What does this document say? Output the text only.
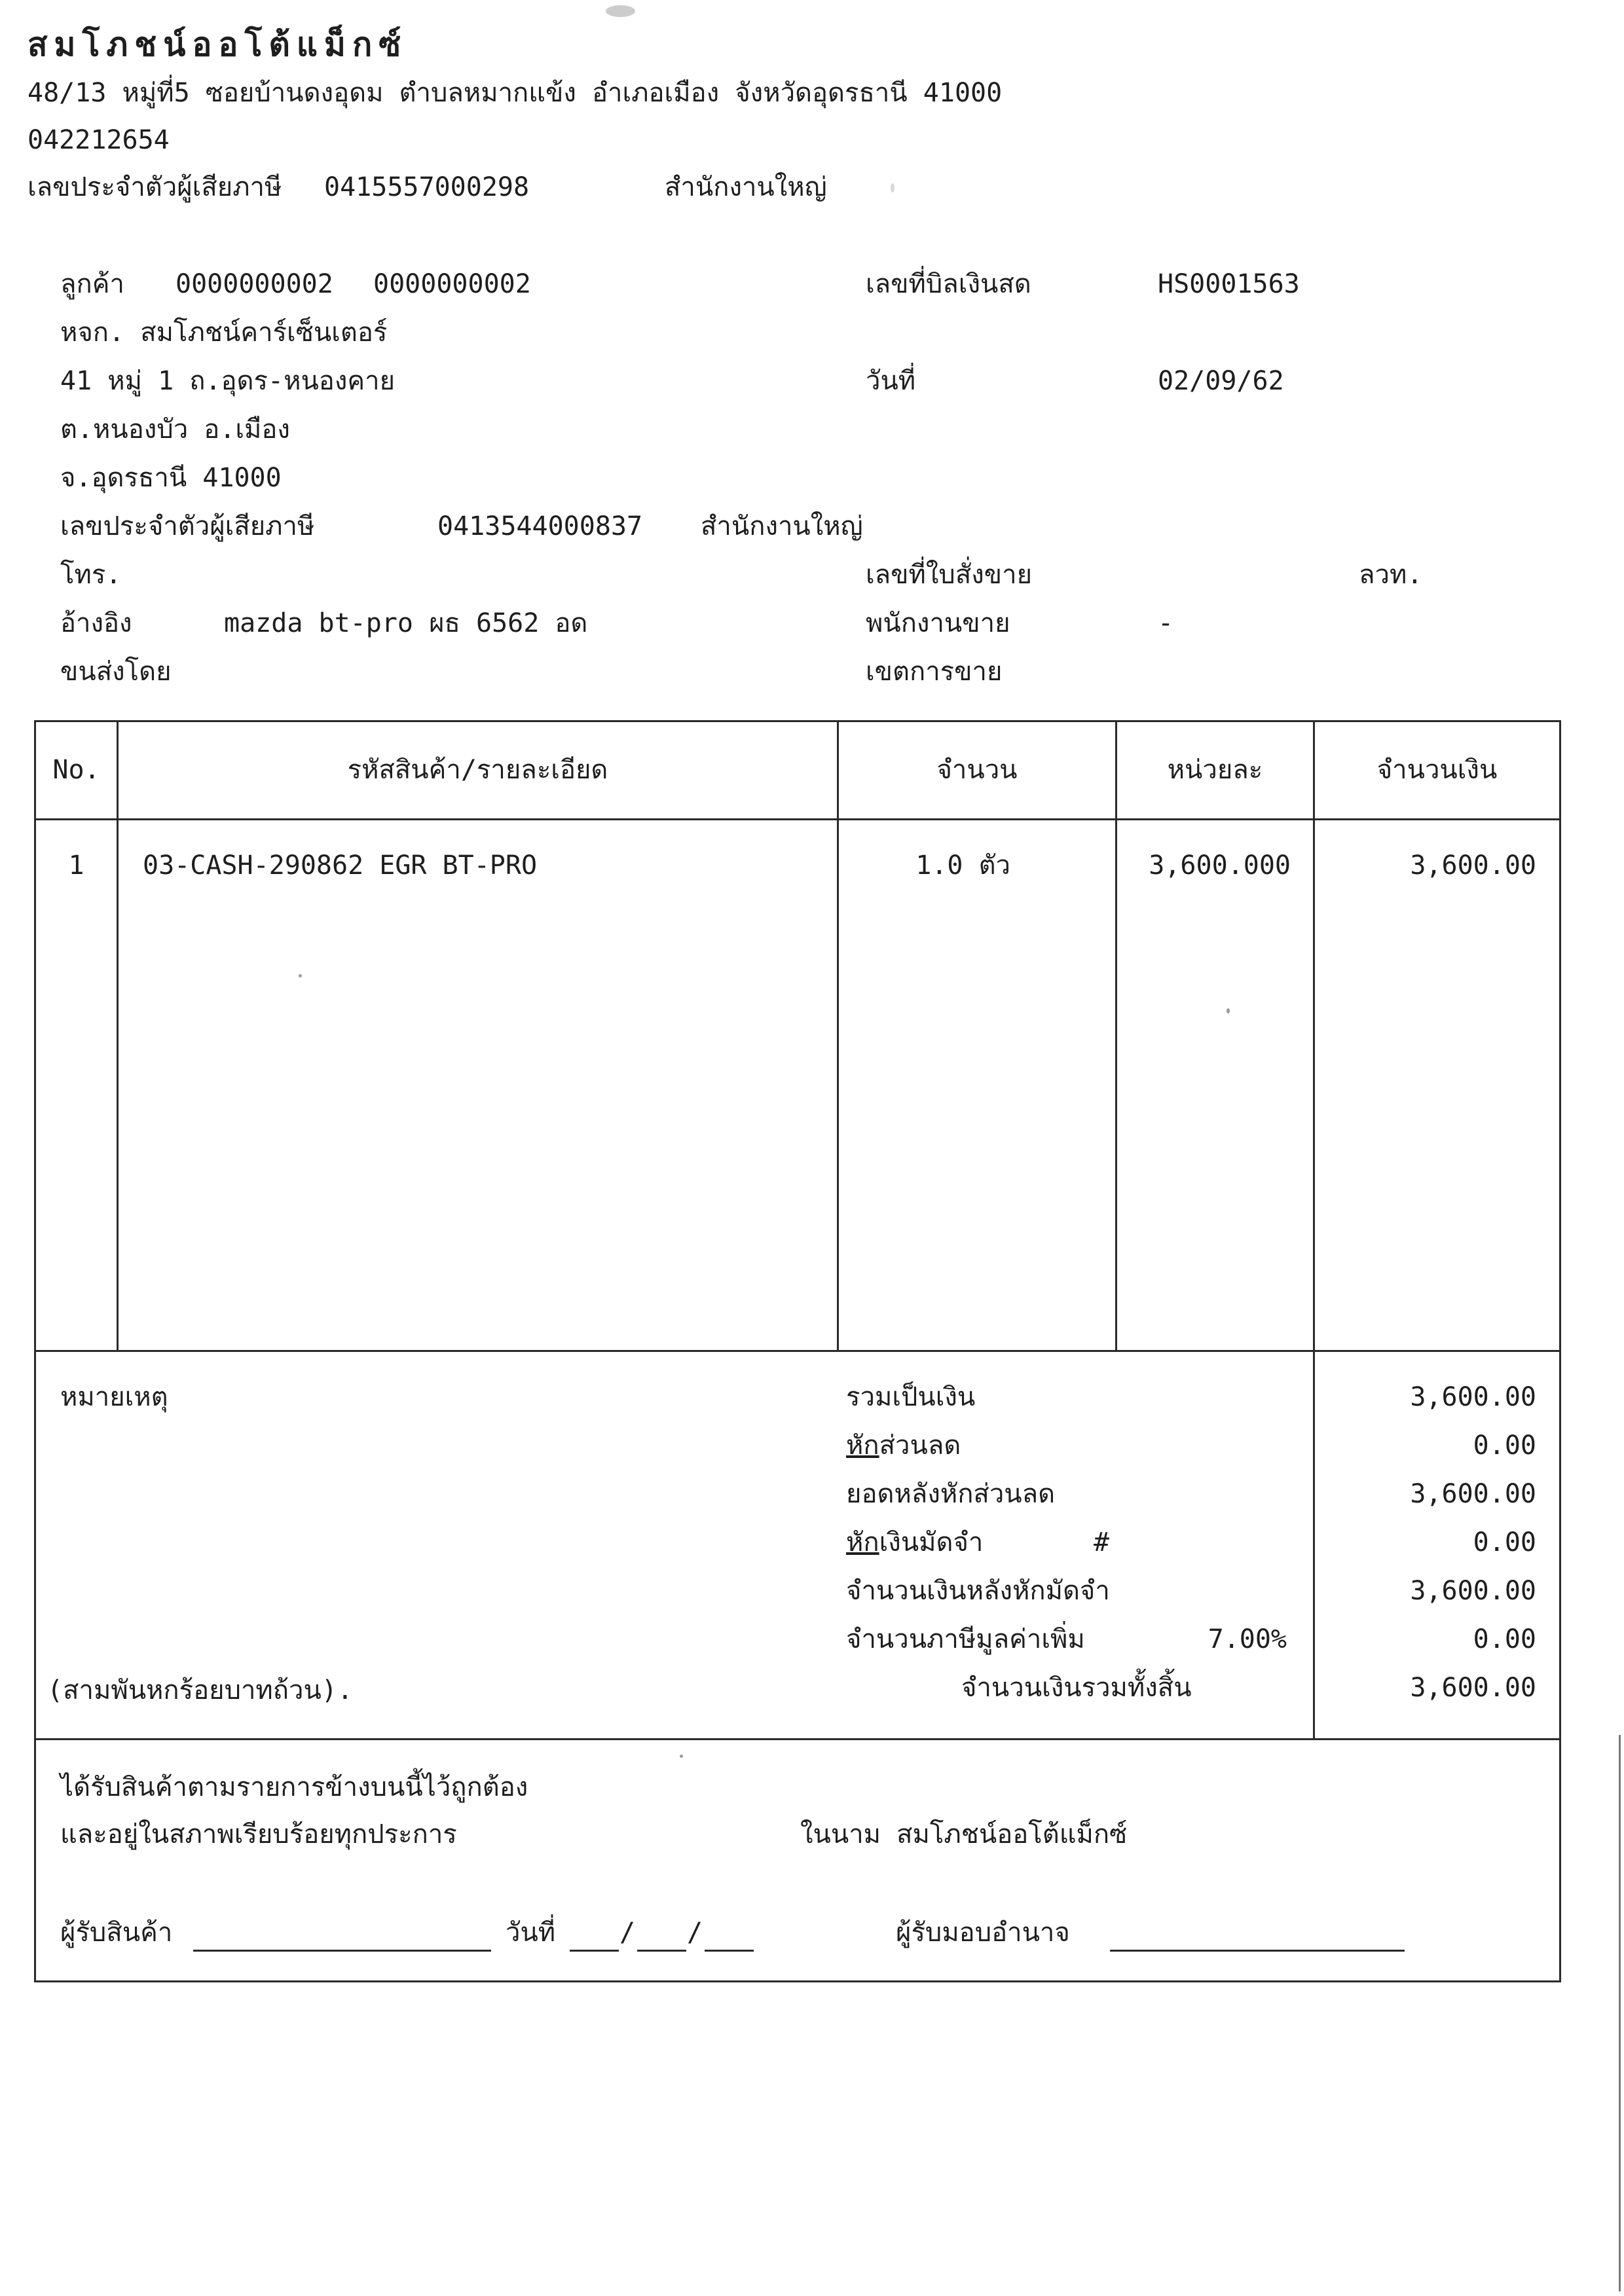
สมโภชน์ออโต้แม็กซ์
48/13 หมู่ที่5 ซอยบ้านดงอุดม ตำบลหมากแข้ง อำเภอเมือง จังหวัดอุดรธานี 41000
042212654
เลขประจำตัวผู้เสียภาษี 0415557000298	สำนักงานใหญ่
ลูกค้า 0000000002 0000000002
หจก. สมโภชน์คาร์เซ็นเตอร์
41 หมู่ 1 ถ.อุดร-หนองคาย
ต.หนองบัว อ.เมือง
จ.อุดรธานี 41000
เลขประจำตัวผู้เสียภาษี	0413544000837 สำนักงานใหญ่
โทร.
อ้างอิง	mazda bt-pro ผธ 6562 อด
ขนส่งโดย
เลขที่บิลเงินสด	HS0001563
วันที่	02/09/62
เลขที่ใบสั่งขาย	ลวท.
พนักงานขาย	-
เขตการขาย
No.	รหัสสินค้า/รายละเอียด	จำนวน	หน่วยละ	จำนวนเงิน
1	03-CASH-290862 EGR BT-PRO	1.0 ตัว	3,600.000	3,600.00
หมายเหตุ
(สามพันหกร้อยบาทถ้วน).
รวมเป็นเงิน	3,600.00
หักส่วนลด	0.00
ยอดหลังหักส่วนลด	3,600.00
หักเงินมัดจำ	#	0.00
จำนวนเงินหลังหักมัดจำ	3,600.00
จำนวนภาษีมูลค่าเพิ่ม	7.00%	0.00
จำนวนเงินรวมทั้งสิ้น	3,600.00
ได้รับสินค้าตามรายการข้างบนนี้ไว้ถูกต้อง
และอยู่ในสภาพเรียบร้อยทุกประการ	ในนาม สมโภชน์ออโต้แม็กซ์
ผู้รับสินค้า	วันที่ / /	ผู้รับมอบอำนาจ
